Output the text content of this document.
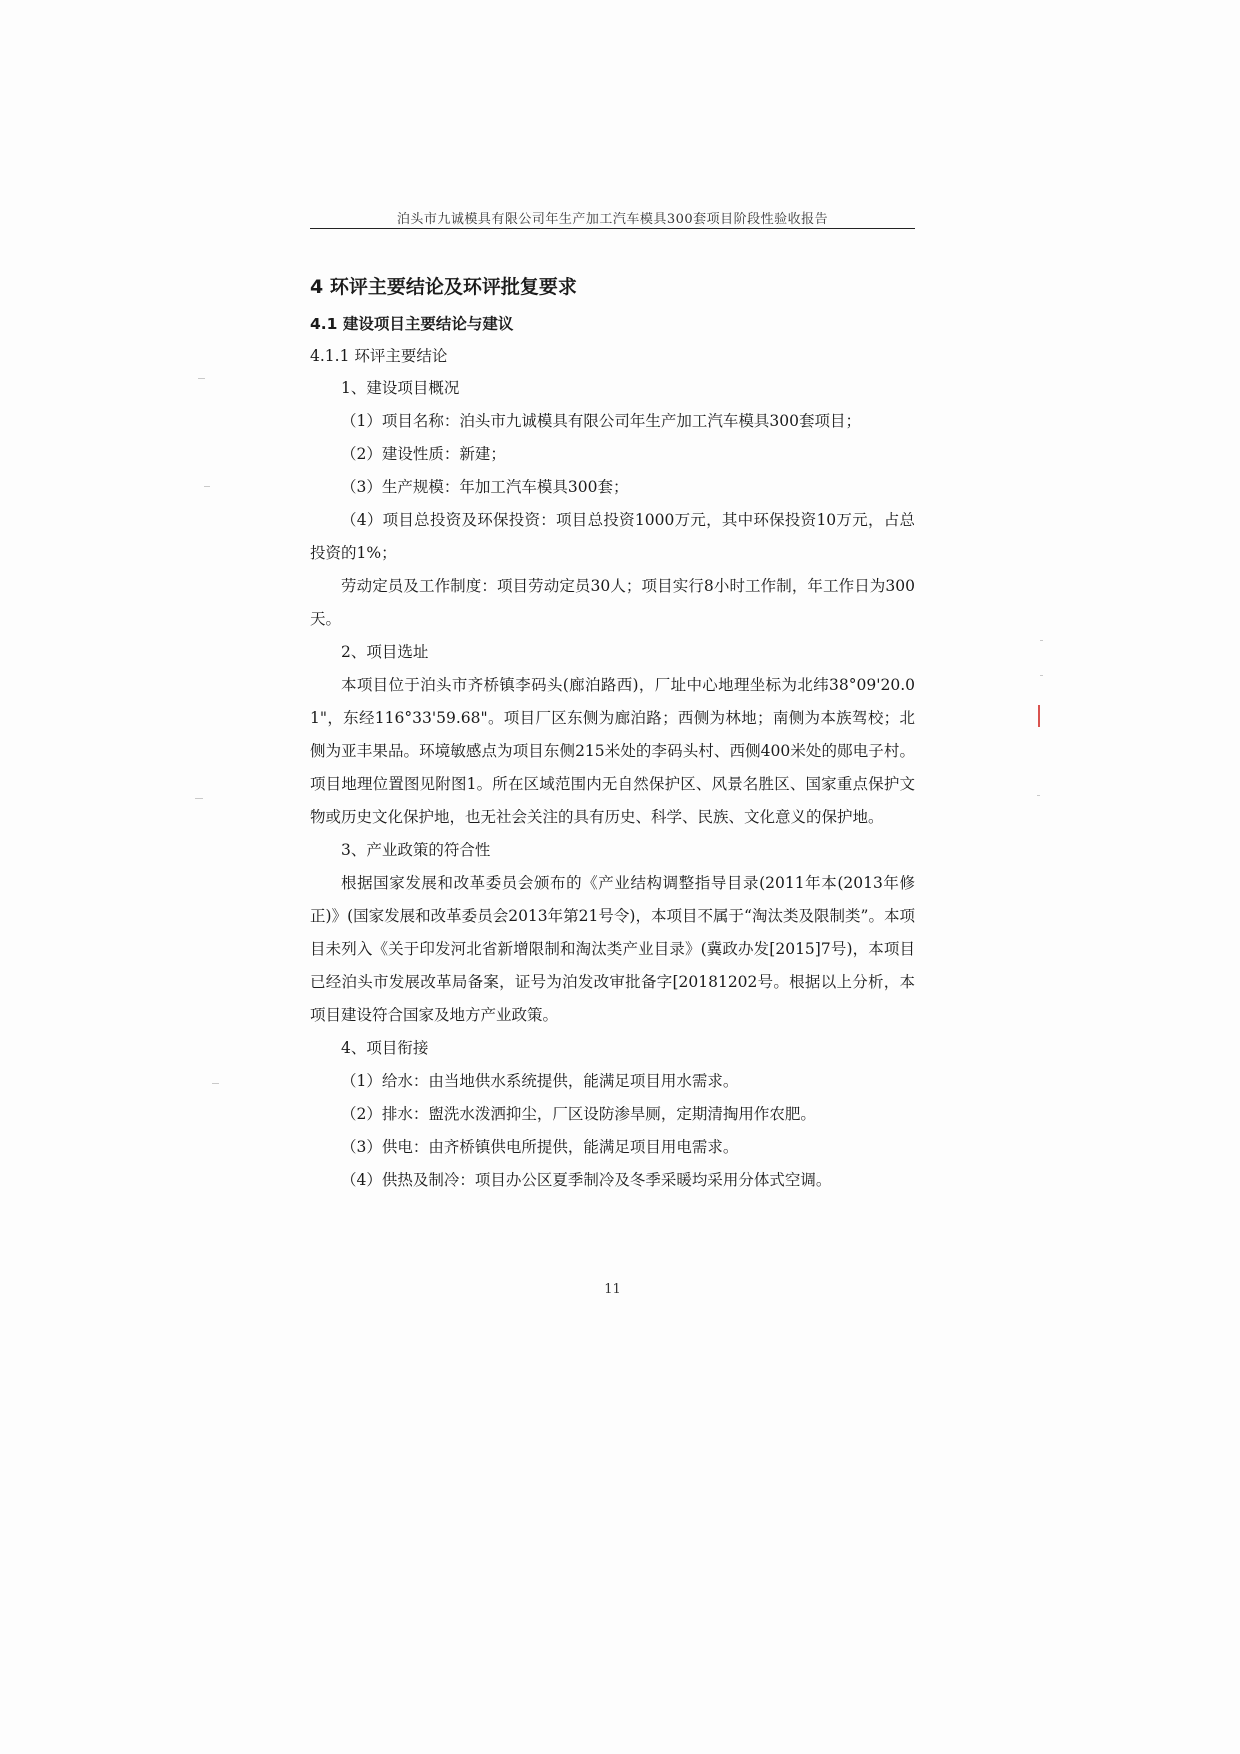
泊头市九诚模具有限公司年生产加工汽车模具300套项目阶段性验收报告
4 环评主要结论及环评批复要求
4.1 建设项目主要结论与建议
4.1.1 环评主要结论

1、建设项目概况

（1）项目名称：泊头市九诚模具有限公司年生产加工汽车模具300套项目；

（2）建设性质：新建；

（3）生产规模：年加工汽车模具300套；

（4）项目总投资及环保投资：项目总投资1000万元，其中环保投资10万元，占总投资的1%；

劳动定员及工作制度：项目劳动定员30人；项目实行8小时工作制，年工作日为300天。

2、项目选址

本项目位于泊头市齐桥镇李码头(廊泊路西)，厂址中心地理坐标为北纬38°09'20.01"，东经116°33'59.68"。项目厂区东侧为廊泊路；西侧为林地；南侧为本族驾校；北侧为亚丰果品。环境敏感点为项目东侧215米处的李码头村、西侧400米处的郧电子村。项目地理位置图见附图1。所在区域范围内无自然保护区、风景名胜区、国家重点保护文物或历史文化保护地，也无社会关注的具有历史、科学、民族、文化意义的保护地。

3、产业政策的符合性

根据国家发展和改革委员会颁布的《产业结构调整指导目录(2011年本(2013年修正)》(国家发展和改革委员会2013年第21号令)，本项目不属于“淘汰类及限制类”。本项目未列入《关于印发河北省新增限制和淘汰类产业目录》(冀政办发[2015]7号)，本项目已经泊头市发展改革局备案，证号为泊发改审批备字[20181202号。根据以上分析，本项目建设符合国家及地方产业政策。

4、项目衔接

（1）给水：由当地供水系统提供，能满足项目用水需求。

（2）排水：盥洗水泼洒抑尘，厂区设防渗旱厕，定期清掏用作农肥。

（3）供电：由齐桥镇供电所提供，能满足项目用电需求。

（4）供热及制冷：项目办公区夏季制冷及冬季采暖均采用分体式空调。

11
